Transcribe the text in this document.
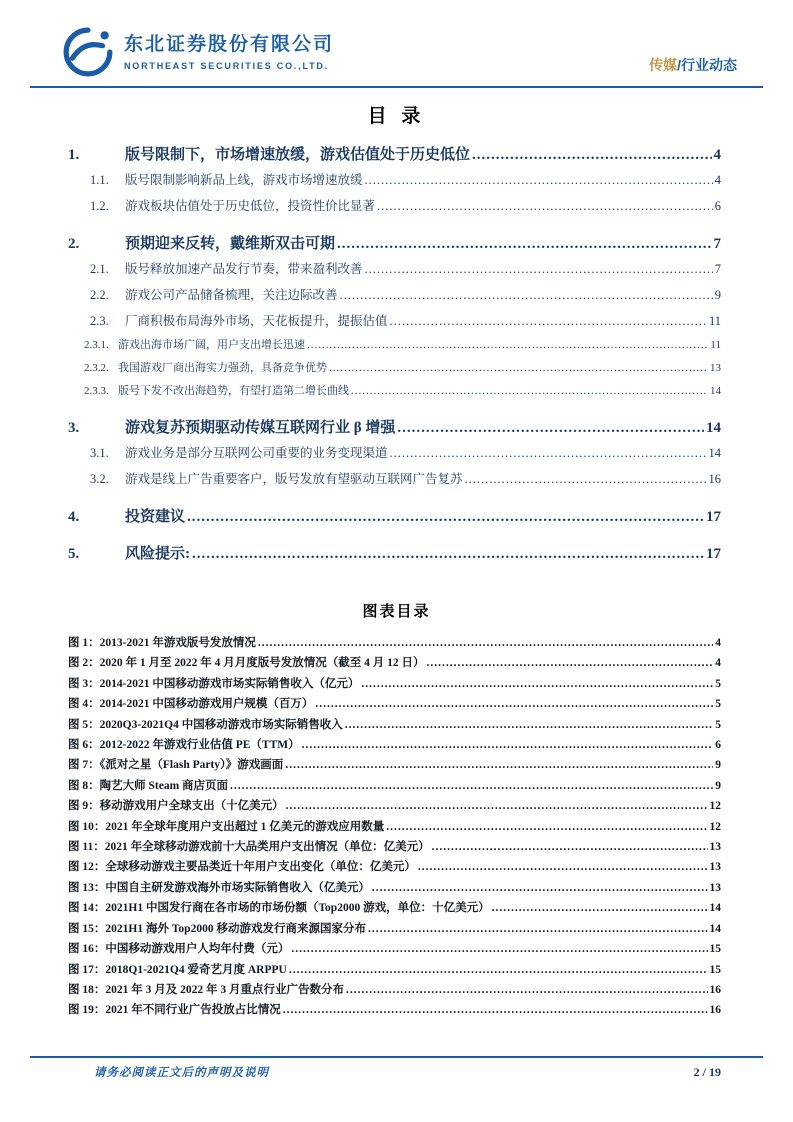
东北证券股份有限公司
NORTHEAST SECURITIES CO.,LTD.	传媒/行业动态
目 录
1.	版号限制下，市场增速放缓，游戏估值处于历史低位 .....	4
1.1.	版号限制影响新品上线，游戏市场增速放缓 .....	4
1.2.	游戏板块估值处于历史低位，投资性价比显著 .....	6
2.	预期迎来反转，戴维斯双击可期 .....	7
2.1.	版号释放加速产品发行节奏，带来盈利改善 .....	7
2.2.	游戏公司产品储备梳理，关注边际改善 .....	9
2.3.	厂商积极布局海外市场，天花板提升，提振估值 .....	11
2.3.1. 游戏出海市场广阔，用户支出增长迅速 .....	11
2.3.2. 我国游戏厂商出海实力强劲，具备竞争优势 .....	13
2.3.3. 版号下发不改出海趋势，有望打造第二增长曲线 .....	14
3.	游戏复苏预期驱动传媒互联网行业 β 增强 .....	14
3.1.	游戏业务是部分互联网公司重要的业务变现渠道 .....	14
3.2.	游戏是线上广告重要客户，版号发放有望驱动互联网广告复苏 .....	16
4.	投资建议 .....	17
5.	风险提示: .....	17
图表目录
图 1：2013-2021 年游戏版号发放情况 .....	4
图 2：2020 年 1 月至 2022 年 4 月月度版号发放情况（截至 4 月 12 日） .....	4
图 3：2014-2021 中国移动游戏市场实际销售收入（亿元） .....	5
图 4：2014-2021 中国移动游戏用户规模（百万） .....	5
图 5：2020Q3-2021Q4 中国移动游戏市场实际销售收入 .....	5
图 6：2012-2022 年游戏行业估值 PE（TTM） .....	6
图 7：《派对之星（Flash Party）》游戏画面 .....	9
图 8：陶艺大师 Steam 商店页面 .....	9
图 9：移动游戏用户全球支出（十亿美元） .....	12
图 10：2021 年全球年度用户支出超过 1 亿美元的游戏应用数量 .....	12
图 11：2021 年全球移动游戏前十大品类用户支出情况（单位：亿美元） .....	13
图 12：全球移动游戏主要品类近十年用户支出变化（单位：亿美元） .....	13
图 13：中国自主研发游戏海外市场实际销售收入（亿美元） .....	13
图 14：2021H1 中国发行商在各市场的市场份额（Top2000 游戏，单位：十亿美元） .....	14
图 15：2021H1 海外 Top2000 移动游戏发行商来源国家分布 .....	14
图 16：中国移动游戏用户人均年付费（元） .....	15
图 17：2018Q1-2021Q4 爱奇艺月度 ARPPU .....	15
图 18：2021 年 3 月及 2022 年 3 月重点行业广告数分布 .....	16
图 19：2021 年不同行业广告投放占比情况 .....	16
请务必阅读正文后的声明及说明	2 / 19
